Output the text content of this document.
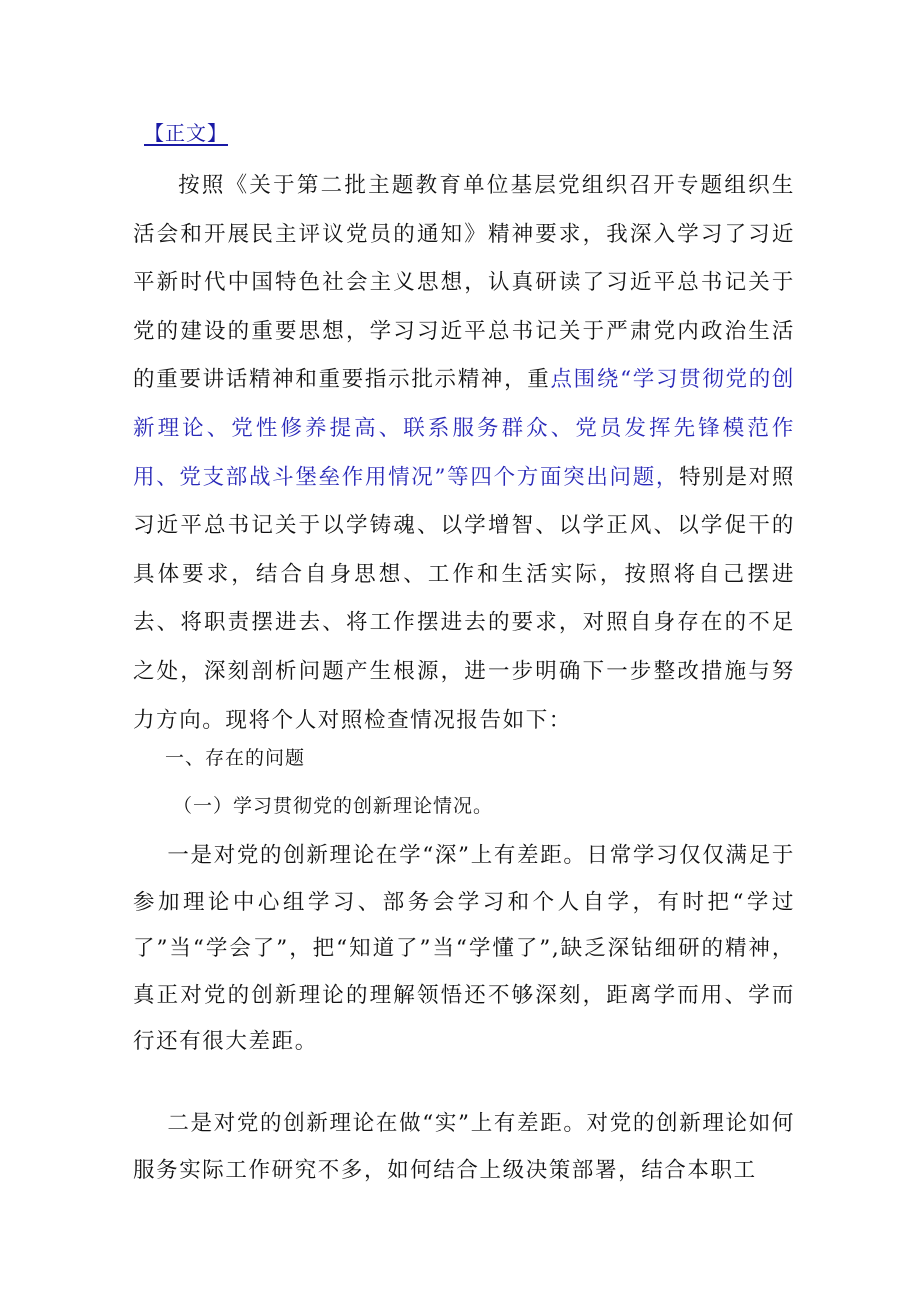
【正文】

按照《关于第二批主题教育单位基层党组织召开专题组织生活会和开展民主评议党员的通知》精神要求，我深入学习了习近平新时代中国特色社会主义思想，认真研读了习近平总书记关于党的建设的重要思想，学习习近平总书记关于严肃党内政治生活的重要讲话精神和重要指示批示精神，重点围绕“学习贯彻党的创新理论、党性修养提高、联系服务群众、党员发挥先锋模范作用、党支部战斗堡垒作用情况”等四个方面突出问题，特别是对照习近平总书记关于以学铸魂、以学增智、以学正风、以学促干的具体要求，结合自身思想、工作和生活实际，按照将自己摆进去、将职责摆进去、将工作摆进去的要求，对照自身存在的不足之处，深刻剖析问题产生根源，进一步明确下一步整改措施与努力方向。现将个人对照检查情况报告如下：

一、存在的问题

（一）学习贯彻党的创新理论情况。

一是对党的创新理论在学“深”上有差距。日常学习仅仅满足于参加理论中心组学习、部务会学习和个人自学，有时把“学过了”当“学会了”，把“知道了”当“学懂了”,缺乏深钻细研的精神，真正对党的创新理论的理解领悟还不够深刻，距离学而用、学而行还有很大差距。

二是对党的创新理论在做“实”上有差距。对党的创新理论如何服务实际工作研究不多，如何结合上级决策部署，结合本职工
